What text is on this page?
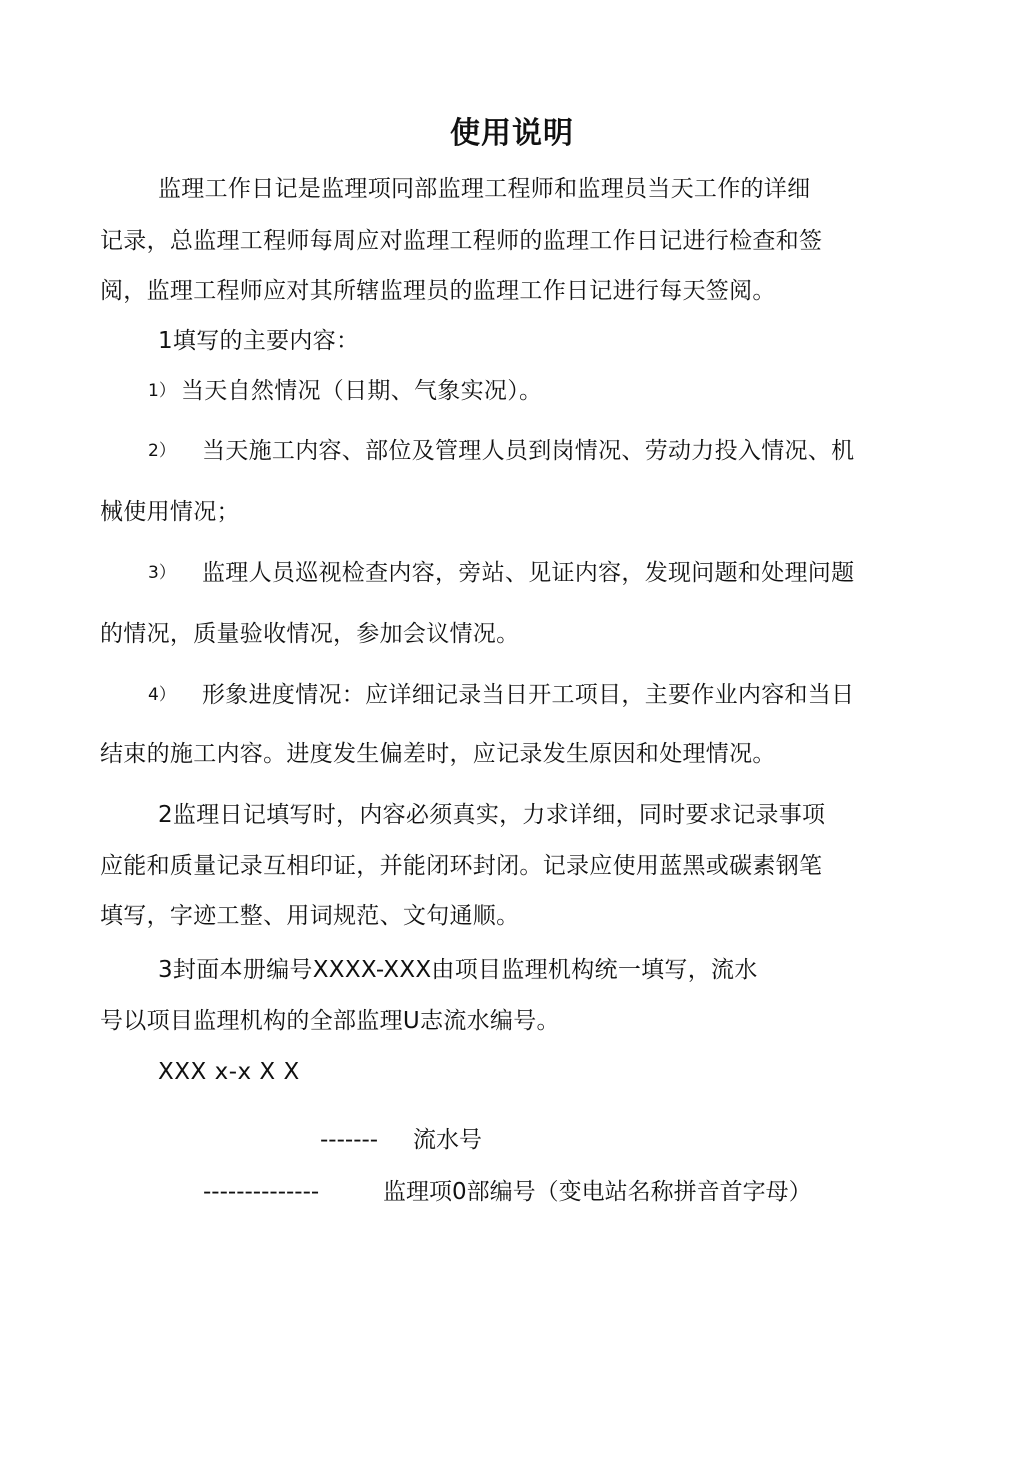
使用说明

监理工作日记是监理项冋部监理工程师和监理员当天工作的详细

记录，总监理工程师每周应对监理工程师的监理工作日记进行检查和签

阅，监理工程师应对其所辖监理员的监理工作日记进行每天签阅。

1填写的主要内容：

1） 当天自然情况（日期、气象实况）。

2） 当天施工内容、部位及管理人员到岗情况、劳动力投入情况、机

械使用情况；

3） 监理人员巡视检查内容，旁站、见证内容，发现问题和处理问题

的情况，质量验收情况，参加会议情况。

4） 形象进度情况：应详细记录当日开工项目，主要作业内容和当日

结束的施工内容。进度发生偏差时，应记录发生原因和处理情况。

2监理日记填写时，内容必须真实，力求详细，同时要求记录事项

应能和质量记录互相印证，并能闭环封闭。记录应使用蓝黑或碳素钢笔

填写，字迹工整、用词规范、文句通顺。

3封面本册编号XXXX-XXX由项目监理机构统一填写，流水

号以项目监理机构的全部监理U志流水编号。

XXX x-x X X

------- 流水号
--------------	监理项0部编号（变电站名称拼音首字母）
